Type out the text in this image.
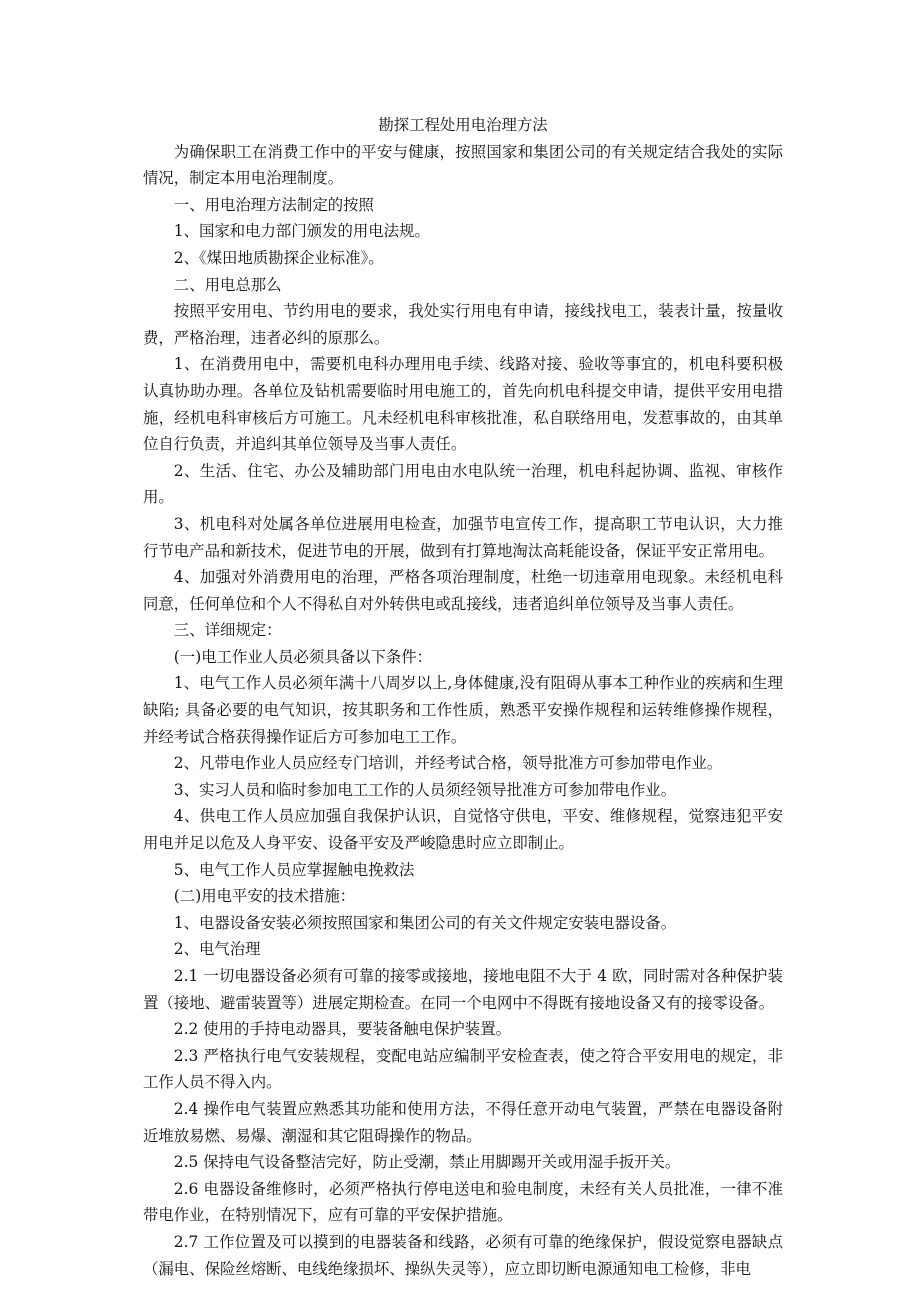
勘探工程处用电治理方法

为确保职工在消费工作中的平安与健康，按照国家和集团公司的有关规定结合我处的实际情况，制定本用电治理制度。

一、用电治理方法制定的按照

1、国家和电力部门颁发的用电法规。

2、《煤田地质勘探企业标准》。

二、用电总那么

按照平安用电、节约用电的要求，我处实行用电有申请，接线找电工，装表计量，按量收费，严格治理，违者必纠的原那么。

1、在消费用电中，需要机电科办理用电手续、线路对接、验收等事宜的，机电科要积极认真协助办理。各单位及钻机需要临时用电施工的，首先向机电科提交申请，提供平安用电措施，经机电科审核后方可施工。凡未经机电科审核批准，私自联络用电，发惹事故的，由其单位自行负责，并追纠其单位领导及当事人责任。

2、生活、住宅、办公及辅助部门用电由水电队统一治理，机电科起协调、监视、审核作用。

3、机电科对处属各单位进展用电检查，加强节电宣传工作，提高职工节电认识，大力推行节电产品和新技术，促进节电的开展，做到有打算地淘汰高耗能设备，保证平安正常用电。

4、加强对外消费用电的治理，严格各项治理制度，杜绝一切违章用电现象。未经机电科同意，任何单位和个人不得私自对外转供电或乱接线，违者追纠单位领导及当事人责任。

三、详细规定：

(一)电工作业人员必须具备以下条件：

1、电气工作人员必须年满十八周岁以上,身体健康,没有阻碍从事本工种作业的疾病和生理缺陷; 具备必要的电气知识，按其职务和工作性质，熟悉平安操作规程和运转维修操作规程，并经考试合格获得操作证后方可参加电工工作。

2、凡带电作业人员应经专门培训，并经考试合格，领导批准方可参加带电作业。

3、实习人员和临时参加电工工作的人员须经领导批准方可参加带电作业。

4、供电工作人员应加强自我保护认识，自觉恪守供电，平安、维修规程，觉察违犯平安用电并足以危及人身平安、设备平安及严峻隐患时应立即制止。

5、电气工作人员应掌握触电挽救法

(二)用电平安的技术措施：

1、电器设备安装必须按照国家和集团公司的有关文件规定安装电器设备。

2、电气治理

2.1 一切电器设备必须有可靠的接零或接地，接地电阻不大于 4 欧，同时需对各种保护装置（接地、避雷装置等）进展定期检查。在同一个电网中不得既有接地设备又有的接零设备。

2.2 使用的手持电动器具，要装备触电保护装置。

2.3 严格执行电气安装规程，变配电站应编制平安检查表，使之符合平安用电的规定，非工作人员不得入内。

2.4 操作电气装置应熟悉其功能和使用方法，不得任意开动电气装置，严禁在电器设备附近堆放易燃、易爆、潮湿和其它阻碍操作的物品。

2.5 保持电气设备整洁完好，防止受潮，禁止用脚踢开关或用湿手扳开关。

2.6 电器设备维修时，必须严格执行停电送电和验电制度，未经有关人员批准，一律不准带电作业，在特别情况下，应有可靠的平安保护措施。

2.7 工作位置及可以摸到的电器装备和线路，必须有可靠的绝缘保护，假设觉察电器缺点（漏电、保险丝熔断、电线绝缘损坏、操纵失灵等），应立即切断电源通知电工检修，非电
